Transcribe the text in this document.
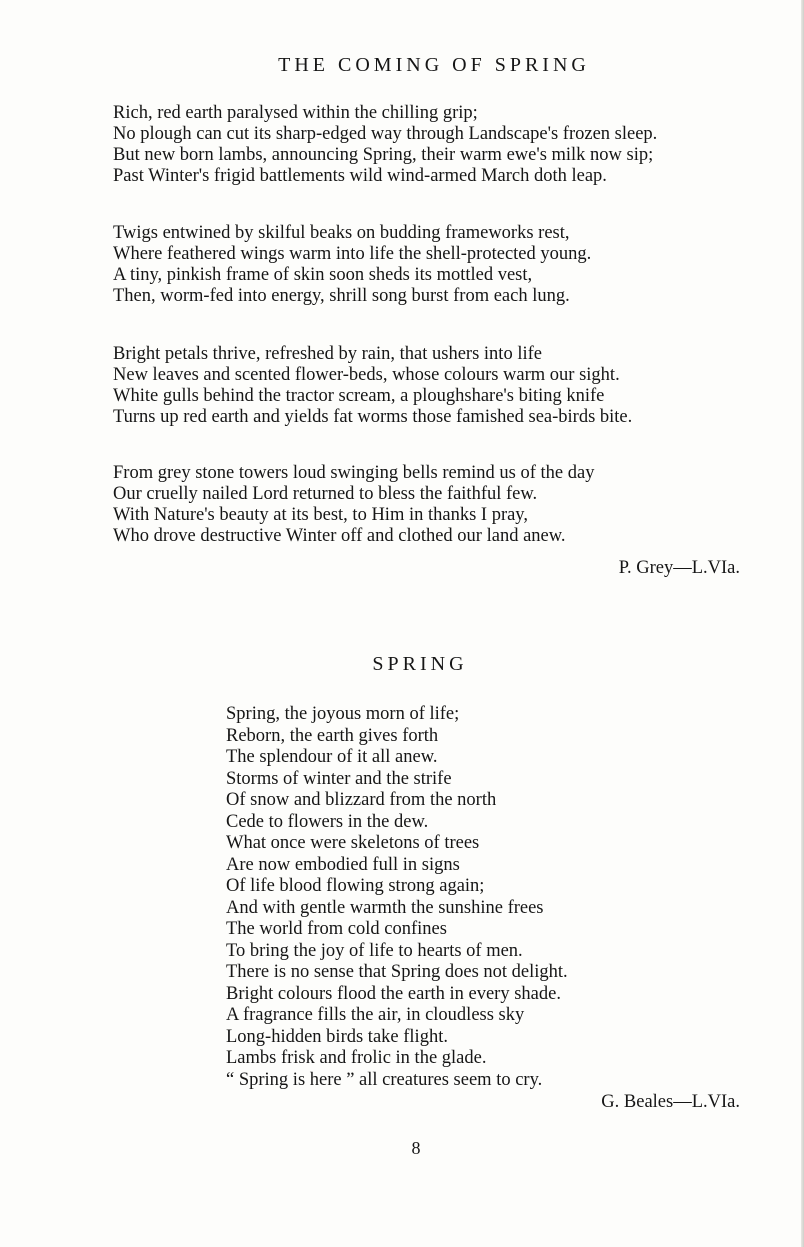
THE COMING OF SPRING
Rich, red earth paralysed within the chilling grip;
No plough can cut its sharp-edged way through Landscape's frozen sleep.
But new born lambs, announcing Spring, their warm ewe's milk now sip;
Past Winter's frigid battlements wild wind-armed March doth leap.
Twigs entwined by skilful beaks on budding frameworks rest,
Where feathered wings warm into life the shell-protected young.
A tiny, pinkish frame of skin soon sheds its mottled vest,
Then, worm-fed into energy, shrill song burst from each lung.
Bright petals thrive, refreshed by rain, that ushers into life
New leaves and scented flower-beds, whose colours warm our sight.
White gulls behind the tractor scream, a ploughshare's biting knife
Turns up red earth and yields fat worms those famished sea-birds bite.
From grey stone towers loud swinging bells remind us of the day
Our cruelly nailed Lord returned to bless the faithful few.
With Nature's beauty at its best, to Him in thanks I pray,
Who drove destructive Winter off and clothed our land anew.

P. Grey—L.VIa.

SPRING
Spring, the joyous morn of life;
Reborn, the earth gives forth
The splendour of it all anew.
Storms of winter and the strife
Of snow and blizzard from the north
Cede to flowers in the dew.
What once were skeletons of trees
Are now embodied full in signs
Of life blood flowing strong again;
And with gentle warmth the sunshine frees
The world from cold confines
To bring the joy of life to hearts of men.
There is no sense that Spring does not delight.
Bright colours flood the earth in every shade.
A fragrance fills the air, in cloudless sky
Long-hidden birds take flight.
Lambs frisk and frolic in the glade.
“ Spring is here ” all creatures seem to cry.

G. Beales—L.VIa.

8
